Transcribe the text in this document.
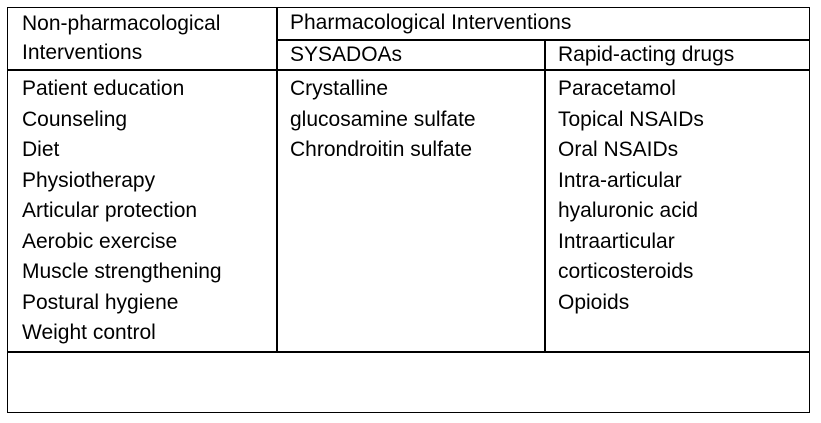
Non-pharmacological
Interventions
Pharmacological Interventions
SYSADOAs	Rapid-acting drugs
Patient education
Counseling
Diet
Physiotherapy
Articular protection
Aerobic exercise
Muscle strengthening
Postural hygiene
Weight control
Crystalline
glucosamine sulfate
Chrondroitin sulfate
Paracetamol
Topical NSAIDs
Oral NSAIDs
Intra-articular
hyaluronic acid
Intraarticular
corticosteroids
Opioids
